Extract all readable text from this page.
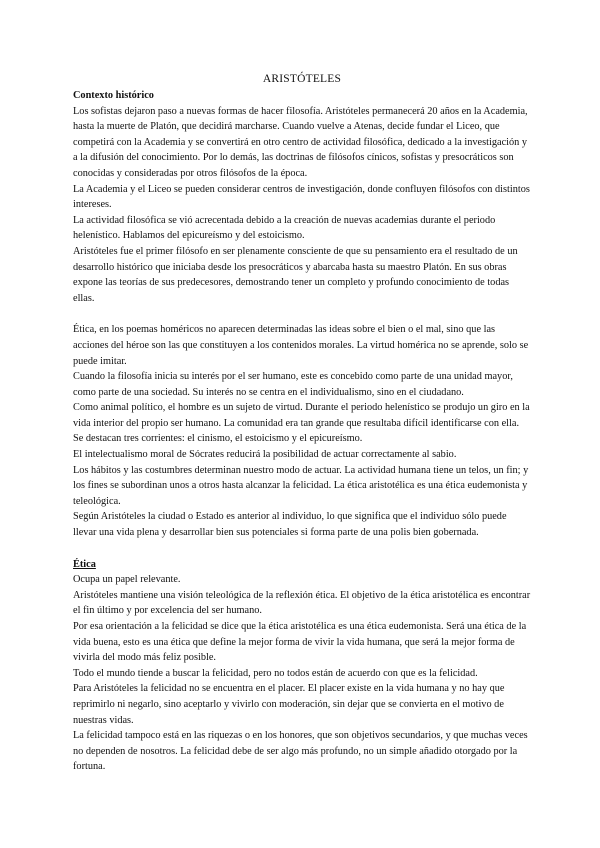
ARISTÓTELES

Contexto histórico

Los sofistas dejaron paso a nuevas formas de hacer filosofía. Aristóteles permanecerá 20 años en la Academia, hasta la muerte de Platón, que decidirá marcharse. Cuando vuelve a Atenas, decide fundar el Liceo, que competirá con la Academia y se convertirá en otro centro de actividad filosófica, dedicado a la investigación y a la difusión del conocimiento. Por lo demás, las doctrinas de filósofos cínicos, sofistas y presocráticos son conocidas y consideradas por otros filósofos de la época.

La Academia y el Liceo se pueden considerar centros de investigación, donde confluyen filósofos con distintos intereses.

La actividad filosófica se vió acrecentada debido a la creación de nuevas academias durante el periodo helenístico. Hablamos del epicureísmo y del estoicismo.

Aristóteles fue el primer filósofo en ser plenamente consciente de que su pensamiento era el resultado de un desarrollo histórico que iniciaba desde los presocráticos y abarcaba hasta su maestro Platón. En sus obras expone las teorías de sus predecesores, demostrando tener un completo y profundo conocimiento de todas ellas.

Ética, en los poemas homéricos no aparecen determinadas las ideas sobre el bien o el mal, sino que las acciones del héroe son las que constituyen a los contenidos morales. La virtud homérica no se aprende, solo se puede imitar.

Cuando la filosofía inicia su interés por el ser humano, este es concebido como parte de una unidad mayor, como parte de una sociedad. Su interés no se centra en el individualismo, sino en el ciudadano.

Como animal político, el hombre es un sujeto de virtud. Durante el periodo helenístico se produjo un giro en la vida interior del propio ser humano. La comunidad era tan grande que resultaba difícil identificarse con ella.

Se destacan tres corrientes: el cinismo, el estoicismo y el epicureísmo.

El intelectualismo moral de Sócrates reducirá la posibilidad de actuar correctamente al sabio.

Los hábitos y las costumbres determinan nuestro modo de actuar. La actividad humana tiene un telos, un fin; y los fines se subordinan unos a otros hasta alcanzar la felicidad. La ética aristotélica es una ética eudemonista y teleológica.

Según Aristóteles la ciudad o Estado es anterior al individuo, lo que significa que el individuo sólo puede llevar una vida plena y desarrollar bien sus potenciales si forma parte de una polis bien gobernada.

Ética

Ocupa un papel relevante.

Aristóteles mantiene una visión teleológica de la reflexión ética. El objetivo de la ética aristotélica es encontrar el fin último y por excelencia del ser humano.

Por esa orientación a la felicidad se dice que la ética aristotélica es una ética eudemonista. Será una ética de la vida buena, esto es una ética que define la mejor forma de vivir la vida humana, que será la mejor forma de vivirla del modo más feliz posible.

Todo el mundo tiende a buscar la felicidad, pero no todos están de acuerdo con que es la felicidad.

Para Aristóteles la felicidad no se encuentra en el placer. El placer existe en la vida humana y no hay que reprimirlo ni negarlo, sino aceptarlo y vivirlo con moderación, sin dejar que se convierta en el motivo de nuestras vidas.

La felicidad tampoco está en las riquezas o en los honores, que son objetivos secundarios, y que muchas veces no dependen de nosotros. La felicidad debe de ser algo más profundo, no un simple añadido otorgado por la fortuna.
